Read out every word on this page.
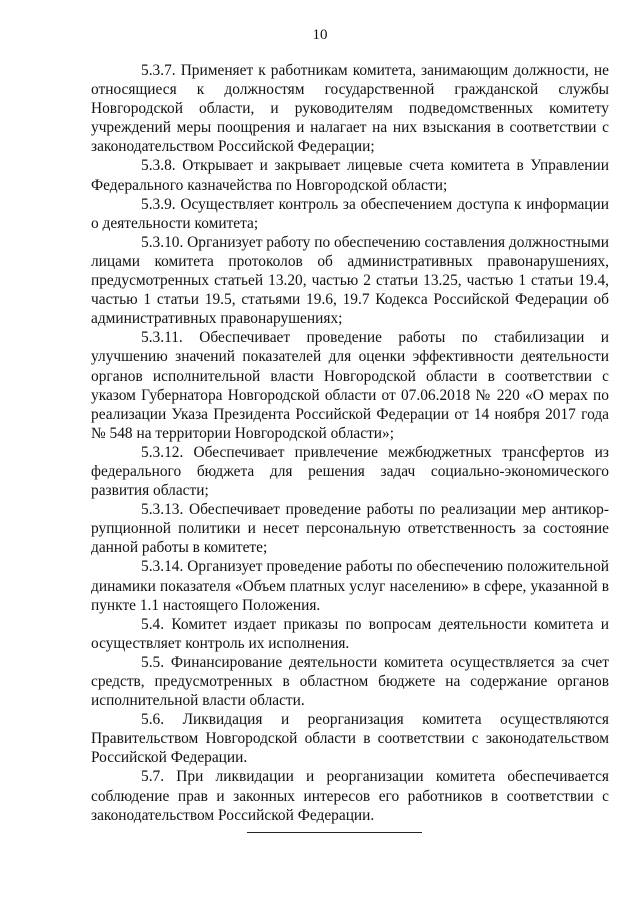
10

5.3.7. Применяет к работникам комитета, занимающим должности, не относящиеся к должностям государственной гражданской службы Новгородской области, и руководителям подведомственных комитету учреждений меры поощрения и налагает на них взыскания в соответствии с законодательством Российской Федерации;

5.3.8. Открывает и закрывает лицевые счета комитета в Управлении Федерального казначейства по Новгородской области;

5.3.9. Осуществляет контроль за обеспечением доступа к информации о деятельности комитета;

5.3.10. Организует работу по обеспечению составления должностными лицами комитета протоколов об административных правонарушениях, предусмотренных статьей 13.20, частью 2 статьи 13.25, частью 1 статьи 19.4, частью 1 статьи 19.5, статьями 19.6, 19.7 Кодекса Российской Федерации об административных правонарушениях;

5.3.11. Обеспечивает проведение работы по стабилизации и улучшению значений показателей для оценки эффективности деятельности органов исполнительной власти Новгородской области в соответствии с указом Губернатора Новгородской области от 07.06.2018 № 220 «О мерах по реализации Указа Президента Российской Федерации от 14 ноября 2017 года № 548 на территории Новгородской области»;

5.3.12. Обеспечивает привлечение межбюджетных трансфертов из федерального бюджета для решения задач социально-экономического развития области;

5.3.13. Обеспечивает проведение работы по реализации мер антикоррупционной политики и несет персональную ответственность за состояние данной работы в комитете;

5.3.14. Организует проведение работы по обеспечению положительной динамики показателя «Объем платных услуг населению» в сфере, указанной в пункте 1.1 настоящего Положения.

5.4. Комитет издает приказы по вопросам деятельности комитета и осуществляет контроль их исполнения.

5.5. Финансирование деятельности комитета осуществляется за счет средств, предусмотренных в областном бюджете на содержание органов исполнительной власти области.

5.6. Ликвидация и реорганизация комитета осуществляются Правительством Новгородской области в соответствии с законодательством Российской Федерации.

5.7. При ликвидации и реорганизации комитета обеспечивается соблюдение прав и законных интересов его работников в соответствии с законодательством Российской Федерации.
